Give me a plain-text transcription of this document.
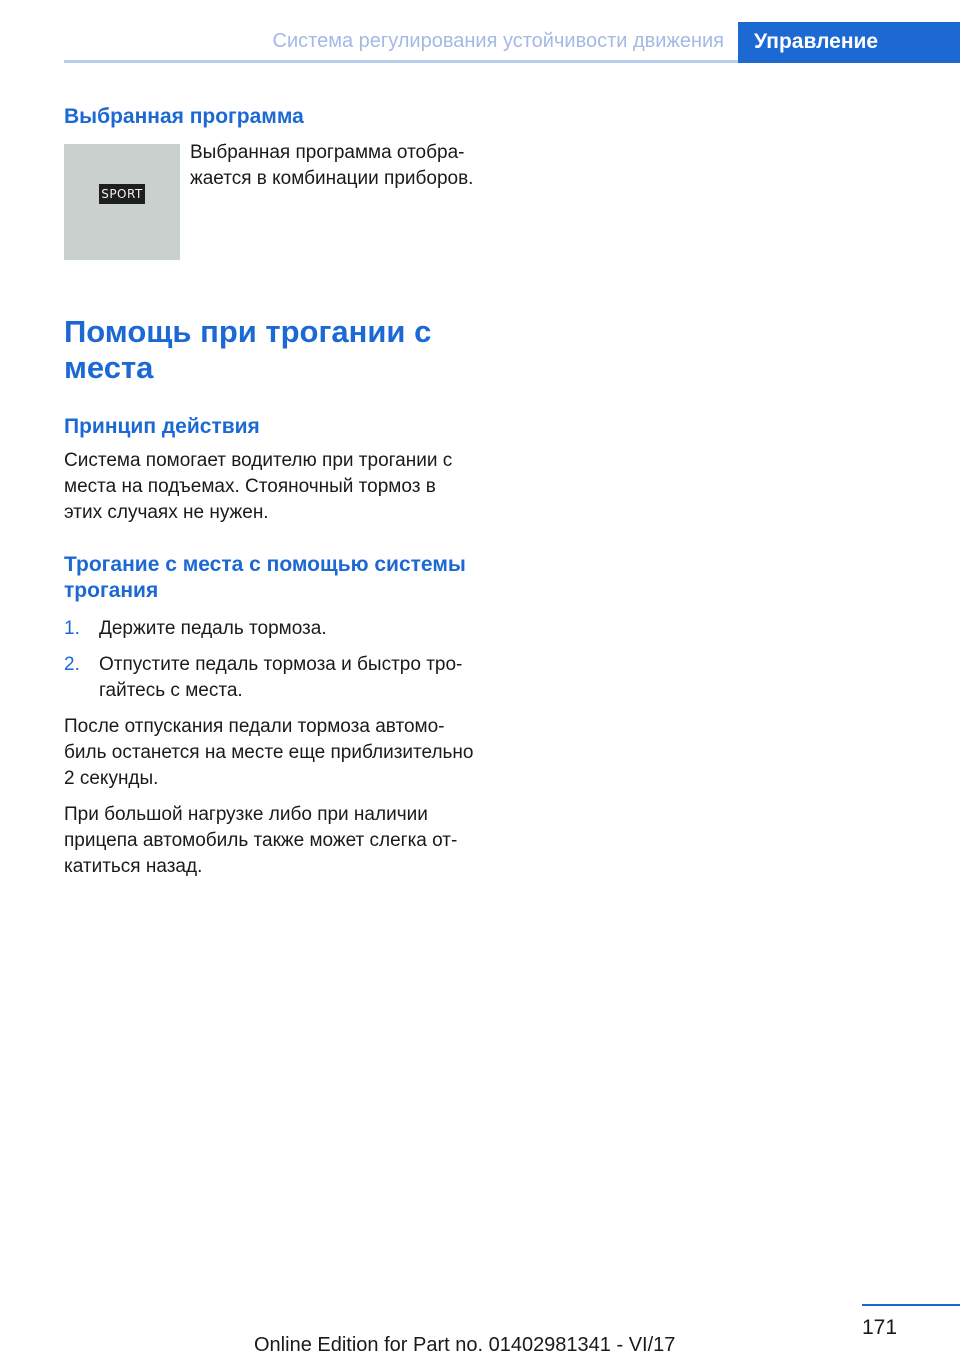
Система регулирования устойчивости движения	Управление
Выбранная программа
SPORT

Выбранная программа отображается в комбинации приборов.

Помощь при трогании с места
Принцип действия

Система помогает водителю при трогании с места на подъемах. Стояночный тормоз в этих случаях не нужен.

Трогание с места с помощью системы трогания
1.	Держите педаль тормоза.
2.	Отпустите педаль тормоза и быстро трогайтесь с места.

После отпускания педали тормоза автомобиль останется на месте еще приблизительно 2 секунды.

При большой нагрузке либо при наличии прицепа автомобиль также может слегка откатиться назад.

171
Online Edition for Part no. 01402981341 - VI/17
